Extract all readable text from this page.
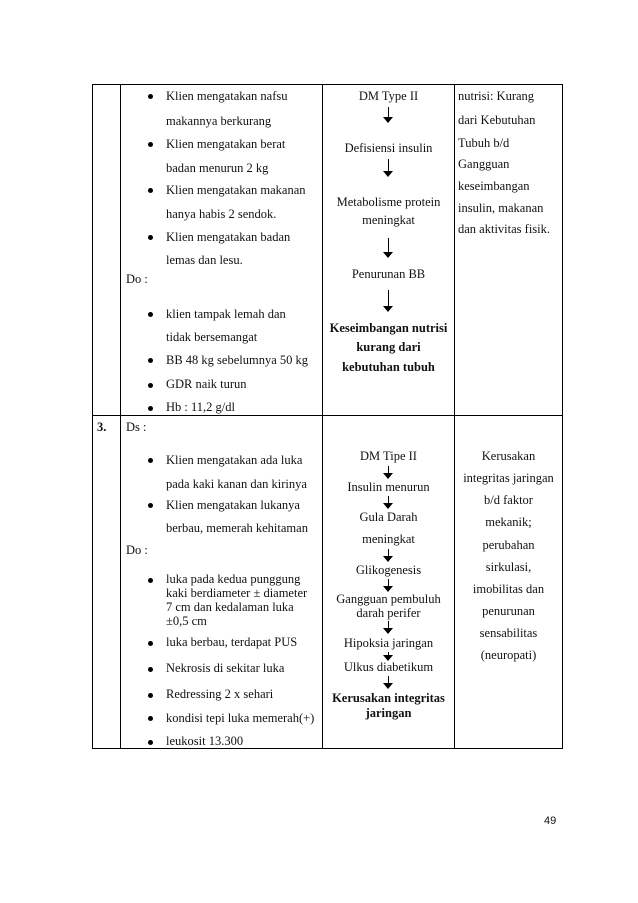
Klien mengatakan nafsu
makannya berkurang
Klien mengatakan berat
badan menurun 2 kg
Klien mengatakan makanan
hanya habis 2 sendok.
Klien mengatakan badan
lemas dan lesu.
Do :
klien tampak lemah dan
tidak bersemangat
BB 48 kg sebelumnya 50 kg
GDR naik turun
Hb : 11,2 g/dl
DM Type II
Defisiensi insulin
Metabolisme protein
meningkat
Penurunan BB
Keseimbangan nutrisi
kurang dari
kebutuhan tubuh
nutrisi: Kurang
dari Kebutuhan
Tubuh b/d
Gangguan
keseimbangan
insulin, makanan
dan aktivitas fisik.
3. Ds :
Klien mengatakan ada luka
pada kaki kanan dan kirinya
Klien mengatakan lukanya
berbau, memerah kehitaman
Do :
luka pada kedua punggung
kaki berdiameter ± diameter
7 cm dan kedalaman luka
±0,5 cm
luka berbau, terdapat PUS
Nekrosis di sekitar luka
Redressing 2 x sehari
kondisi tepi luka memerah(+)
leukosit 13.300
DM Tipe II
Insulin menurun
Gula Darah
meningkat
Glikogenesis
Gangguan pembuluh
darah perifer
Hipoksia jaringan
Ulkus diabetikum
Kerusakan integritas
jaringan
Kerusakan
integritas jaringan
b/d faktor
mekanik;
perubahan
sirkulasi,
imobilitas dan
penurunan
sensabilitas
(neuropati)
49
